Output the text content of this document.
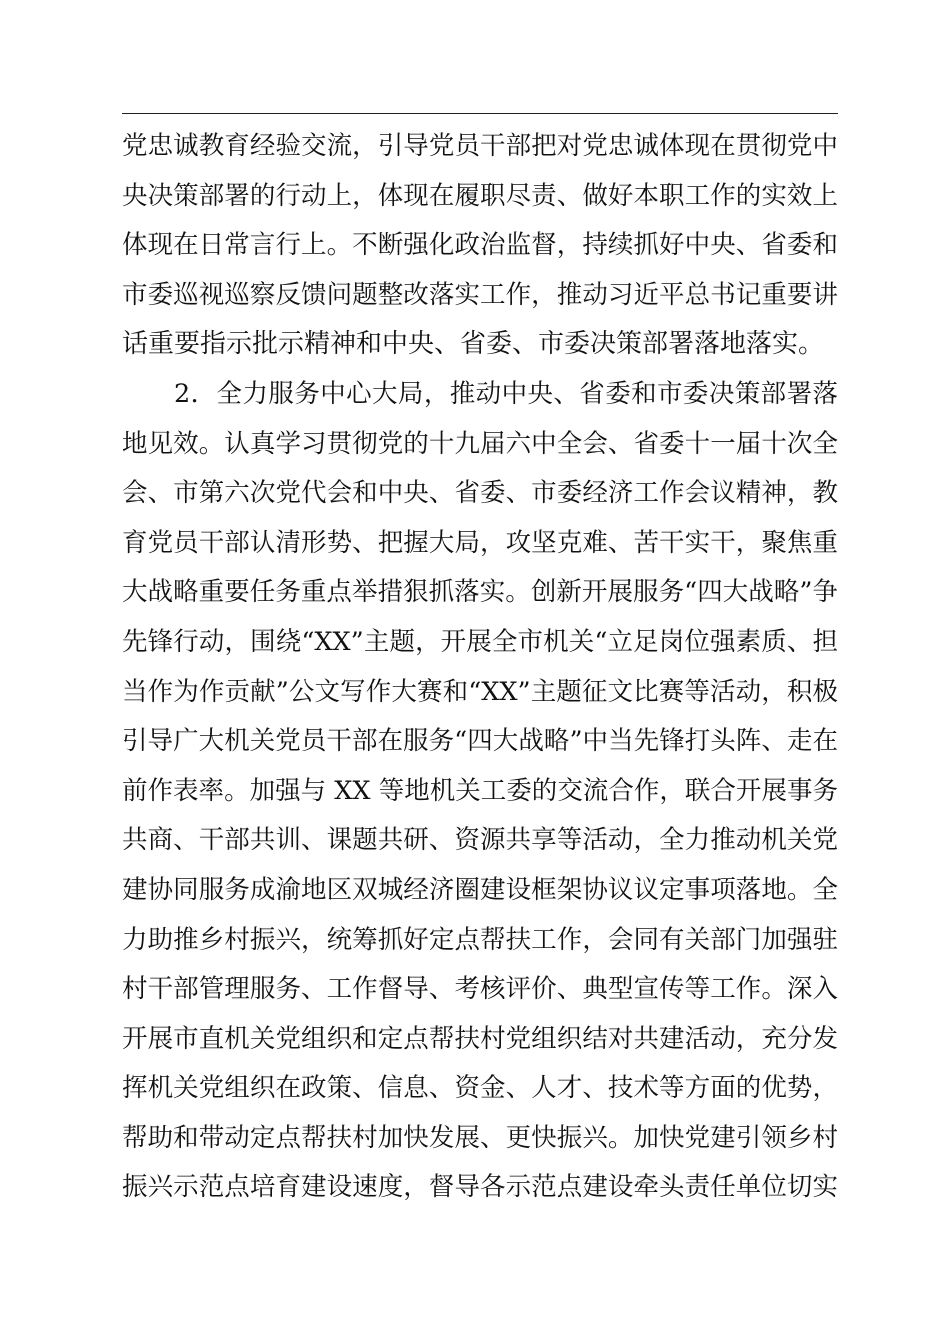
党忠诚教育经验交流，引导党员干部把对党忠诚体现在贯彻党中
央决策部署的行动上，体现在履职尽责、做好本职工作的实效上
体现在日常言行上。不断强化政治监督，持续抓好中央、省委和
市委巡视巡察反馈问题整改落实工作，推动习近平总书记重要讲
话重要指示批示精神和中央、省委、市委决策部署落地落实。
2．全力服务中心大局，推动中央、省委和市委决策部署落
地见效。认真学习贯彻党的十九届六中全会、省委十一届十次全
会、市第六次党代会和中央、省委、市委经济工作会议精神，教
育党员干部认清形势、把握大局，攻坚克难、苦干实干，聚焦重
大战略重要任务重点举措狠抓落实。创新开展服务“四大战略”争
先锋行动，围绕“XX”主题，开展全市机关“立足岗位强素质、担
当作为作贡献”公文写作大赛和“XX”主题征文比赛等活动，积极
引导广大机关党员干部在服务“四大战略”中当先锋打头阵、走在
前作表率。加强与 XX 等地机关工委的交流合作，联合开展事务
共商、干部共训、课题共研、资源共享等活动，全力推动机关党
建协同服务成渝地区双城经济圈建设框架协议议定事项落地。全
力助推乡村振兴，统筹抓好定点帮扶工作，会同有关部门加强驻
村干部管理服务、工作督导、考核评价、典型宣传等工作。深入
开展市直机关党组织和定点帮扶村党组织结对共建活动，充分发
挥机关党组织在政策、信息、资金、人才、技术等方面的优势，
帮助和带动定点帮扶村加快发展、更快振兴。加快党建引领乡村
振兴示范点培育建设速度，督导各示范点建设牵头责任单位切实
